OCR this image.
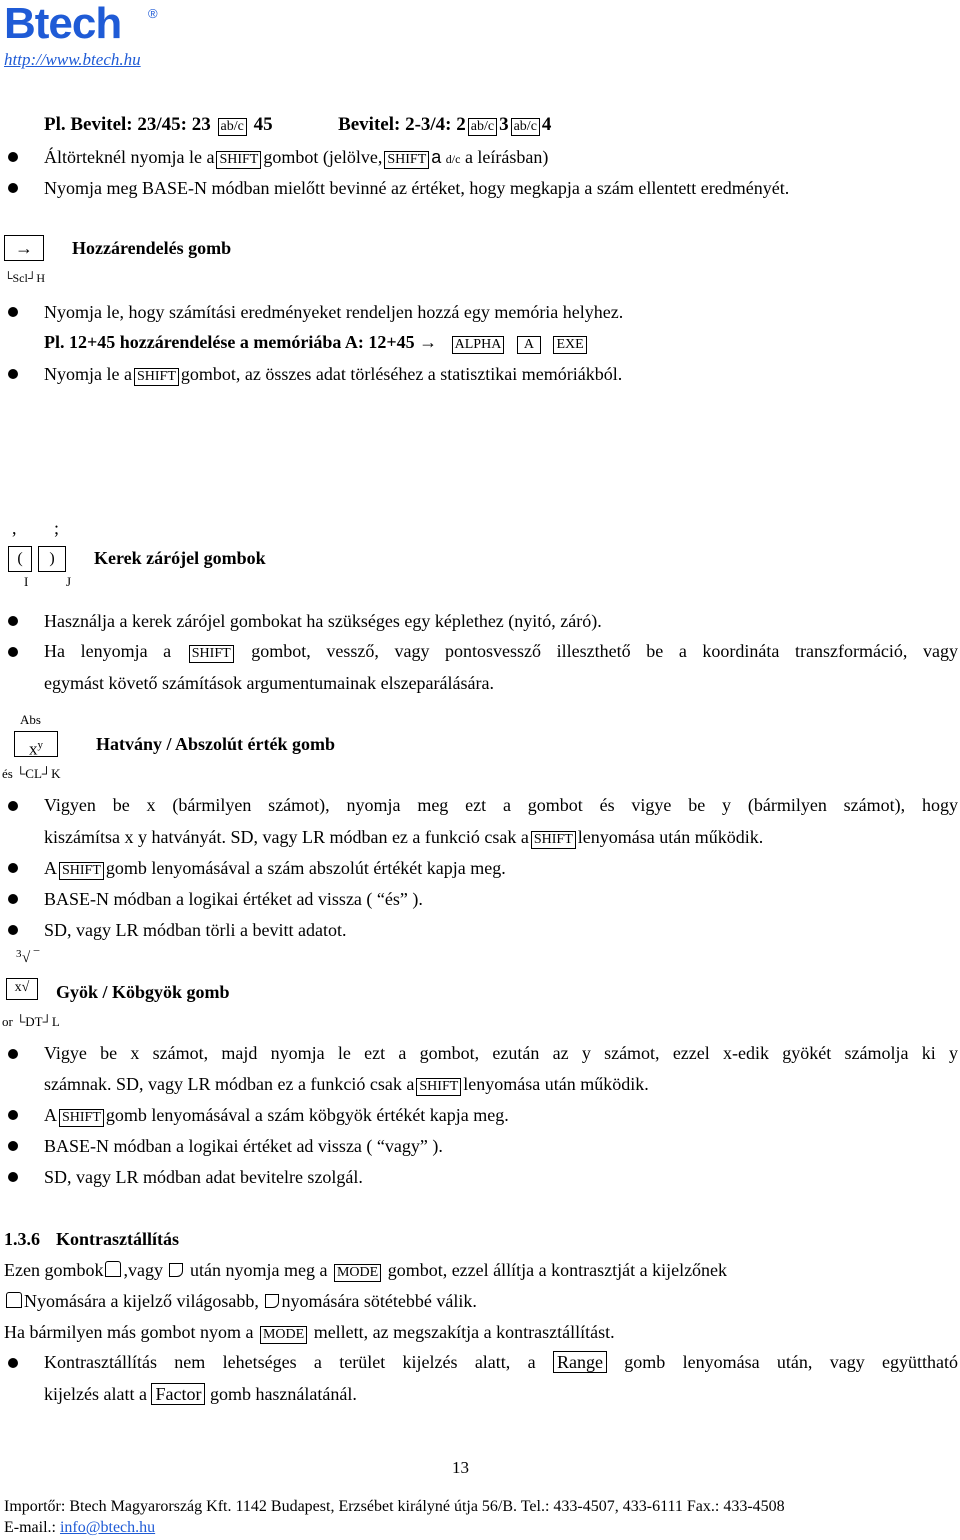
Btech ®
http://www.btech.hu
Pl. Bevitel: 23/45: 23 ab/c 45	Bevitel: 2-3/4: 2 ab/c 3 ab/c 4
Áltörteknél nyomja le a SHIFT gombot (jelölve, SHIFT a d/c a leírásban)
Nyomja meg BASE-N módban mielőtt bevinné az értéket, hogy megkapja a szám ellentett eredményét.
→	Hozzárendelés gomb
└Scl┘H
Nyomja le, hogy számítási eredményeket rendeljen hozzá egy memória helyhez.
Pl. 12+45 hozzárendelése a memóriába A: 12+45 → ALPHA A EXE
Nyomja le a SHIFT gombot, az összes adat törléséhez a statisztikai memóriákból.
, ;
(	)
I	J
Kerek zárójel gombok
Használja a kerek zárójel gombokat ha szükséges egy képlethez (nyitó, záró).
Ha lenyomja a SHIFT gombot, vessző, vagy pontosvessző illeszthető be a koordináta transzformáció, vagy
egymást követő számítások argumentumainak elszeparálására.
Abs
$x^y$	Hatvány / Abszolút érték gomb
és └CL┘K
Vigyen be x (bármilyen számot), nyomja meg ezt a gombot és vigye be y (bármilyen számot), hogy
kiszámítsa x y hatványát. SD, vagy LR módban ez a funkció csak a SHIFT lenyomása után működik.
A SHIFT gomb lenyomásával a szám abszolút értékét kapja meg.
BASE-N módban a logikai értéket ad vissza ( “és” ).
SD, vagy LR módban törli a bevitt adatot.
3 √ ‾
x√	Gyök / Köbgyök gomb
or └DT┘L
Vigye be x számot, majd nyomja le ezt a gombot, ezután az y számot, ezzel x-edik gyökét számolja ki y
számnak. SD, vagy LR módban ez a funkció csak a SHIFT lenyomása után működik.
A SHIFT gomb lenyomásával a szám köbgyök értékét kapja meg.
BASE-N módban a logikai értéket ad vissza ( “vagy” ).
SD, vagy LR módban adat bevitelre szolgál.
1.3.6 Kontrasztállítás
Ezen gombok ,vagy után nyomja meg a MODE gombot, ezzel állítja a kontrasztját a kijelzőnek
Nyomására a kijelző világosabb, nyomására sötétebbé válik.
Ha bármilyen más gombot nyom a MODE mellett, az megszakítja a kontrasztállítást.
Kontrasztállítás nem lehetséges a terület kijelzés alatt, a Range gomb lenyomása után, vagy együttható
kijelzés alatt a Factor gomb használatánál.
13
Importőr: Btech Magyarország Kft. 1142 Budapest, Erzsébet királyné útja 56/B. Tel.: 433-4507, 433-6111 Fax.: 433-4508
E-mail.: info@btech.hu
